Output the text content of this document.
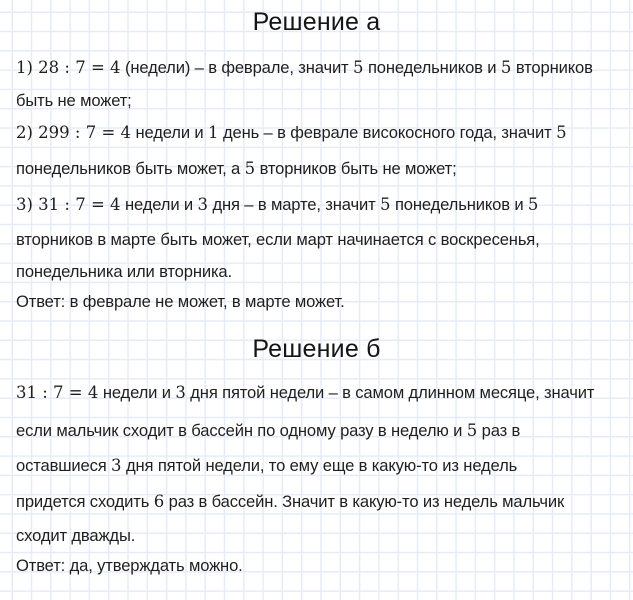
Решение а

1) 28 : 7 = 4 (недели) – в феврале, значит 5 понедельников и 5 вторников

быть не может;

2) 299 : 7 = 4 недели и 1 день – в феврале високосного года, значит 5

понедельников быть может, а 5 вторников быть не может;

3) 31 : 7 = 4 недели и 3 дня – в марте, значит 5 понедельников и 5

вторников в марте быть может, если март начинается с воскресенья,

понедельника или вторника.

Ответ: в феврале не может, в марте может.

Решение б

31 : 7 = 4 недели и 3 дня пятой недели – в самом длинном месяце, значит

если мальчик сходит в бассейн по одному разу в неделю и 5 раз в

оставшиеся 3 дня пятой недели, то ему еще в какую-то из недель

придется сходить 6 раз в бассейн. Значит в какую-то из недель мальчик

сходит дважды.

Ответ: да, утверждать можно.
